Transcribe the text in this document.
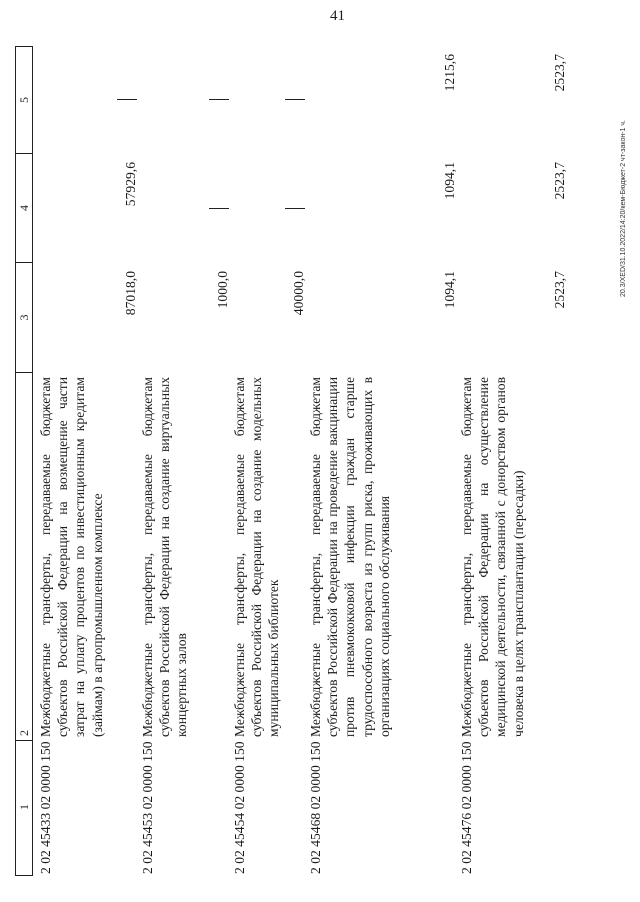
41
1
2
3
4
5
2 02 45433 02 0000 150
Межбюджетные трансферты, передаваемые бюджетам субъектов Российской Федерации на возмещение части затрат на уплату процентов по инвестиционным кредитам (займам) в агропромышленном комплексе
87018,0
57929,6
2 02 45453 02 0000 150
Межбюджетные трансферты, передаваемые бюджетам субъектов Российской Федерации на создание виртуальных концертных залов
1000,0
2 02 45454 02 0000 150
Межбюджетные трансферты, передаваемые бюджетам субъектов Российской Федерации на создание модельных муниципальных библиотек
40000,0
2 02 45468 02 0000 150
Межбюджетные трансферты, передаваемые бюджетам субъектов Российской Федерации на проведение вакцинации против пневмококковой инфекции граждан старше трудоспособного возраста из групп риска, проживающих в организациях социального обслуживания
1094,1
1094,1
1215,6
2 02 45476 02 0000 150
Межбюджетные трансферты, передаваемые бюджетам субъектов Российской Федерации на осуществление медицинской деятельности, связанной с донорством органов человека в целях трансплантации (пересадки)
2523,7
2523,7
2523,7
20.3/XED/31.10.2022/14:20/кем-Бюджет-2 чт-закон-1 ч.
